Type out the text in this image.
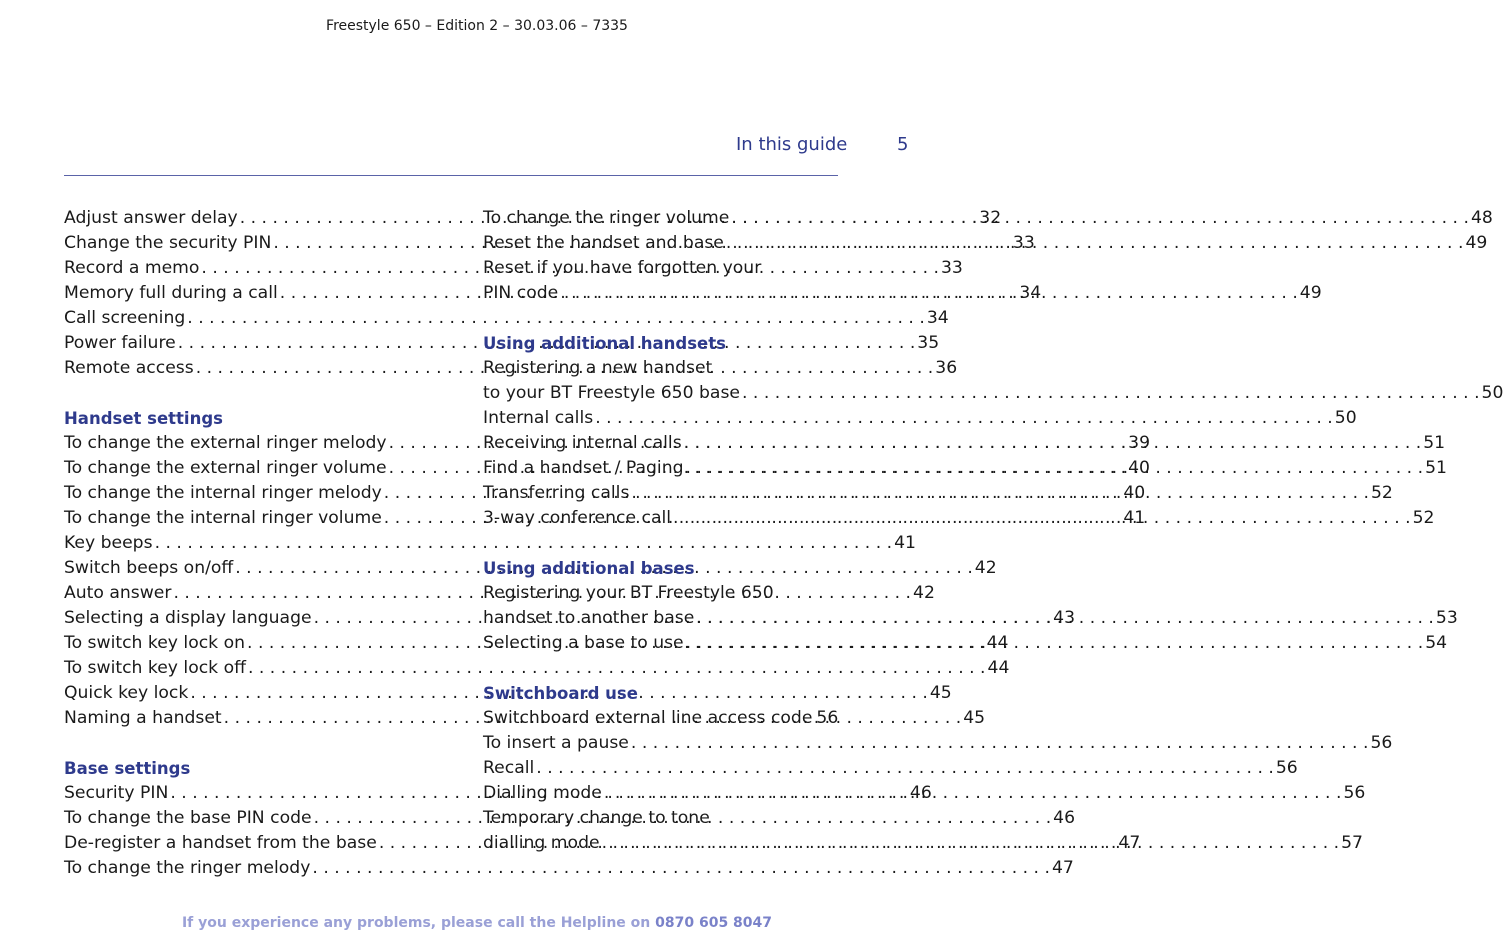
Freestyle 650 – Edition 2 – 30.03.06 – 7335
In this guide	5
Adjust answer delay . . .	32
Change the security PIN . . .	33
Record a memo . . .	33
Memory full during a call . . .	34
Call screening . . .	34
Power failure . . .	35
Remote access . . .	36
Handset settings
To change the external ringer melody . . .	39
To change the external ringer volume . . .	40
To change the internal ringer melody . . .	40
To change the internal ringer volume . . .	41
Key beeps . . .	41
Switch beeps on/off . . .	42
Auto answer . . .	42
Selecting a display language . . .	43
To switch key lock on . . .	44
To switch key lock off . . .	44
Quick key lock . . .	45
Naming a handset . . .	45
Base settings
Security PIN . . .	46
To change the base PIN code . . .	46
De-register a handset from the base . . .	47
To change the ringer melody . . .	47
To change the ringer volume . . .	48
Reset the handset and base . . .	49
Reset if you have forgotten your
PIN code . . .	49
Using additional handsets
Registering a new handset
to your BT Freestyle 650 base . . .	50
Internal calls . . .	50
Receiving internal calls . . .	51
Find a handset / Paging . . .	51
Transferring calls . . .	52
3-way conference call . . .	52
Using additional bases
Registering your BT Freestyle 650
handset to another base . . .	53
Selecting a base to use . . .	54
Switchboard use
Switchboard external line access code 56
To insert a pause . . .	56
Recall . . .	56
Dialling mode . . .	56
Temporary change to tone
dialling mode . . .	57
If you experience any problems, please call the Helpline on 0870 605 8047
